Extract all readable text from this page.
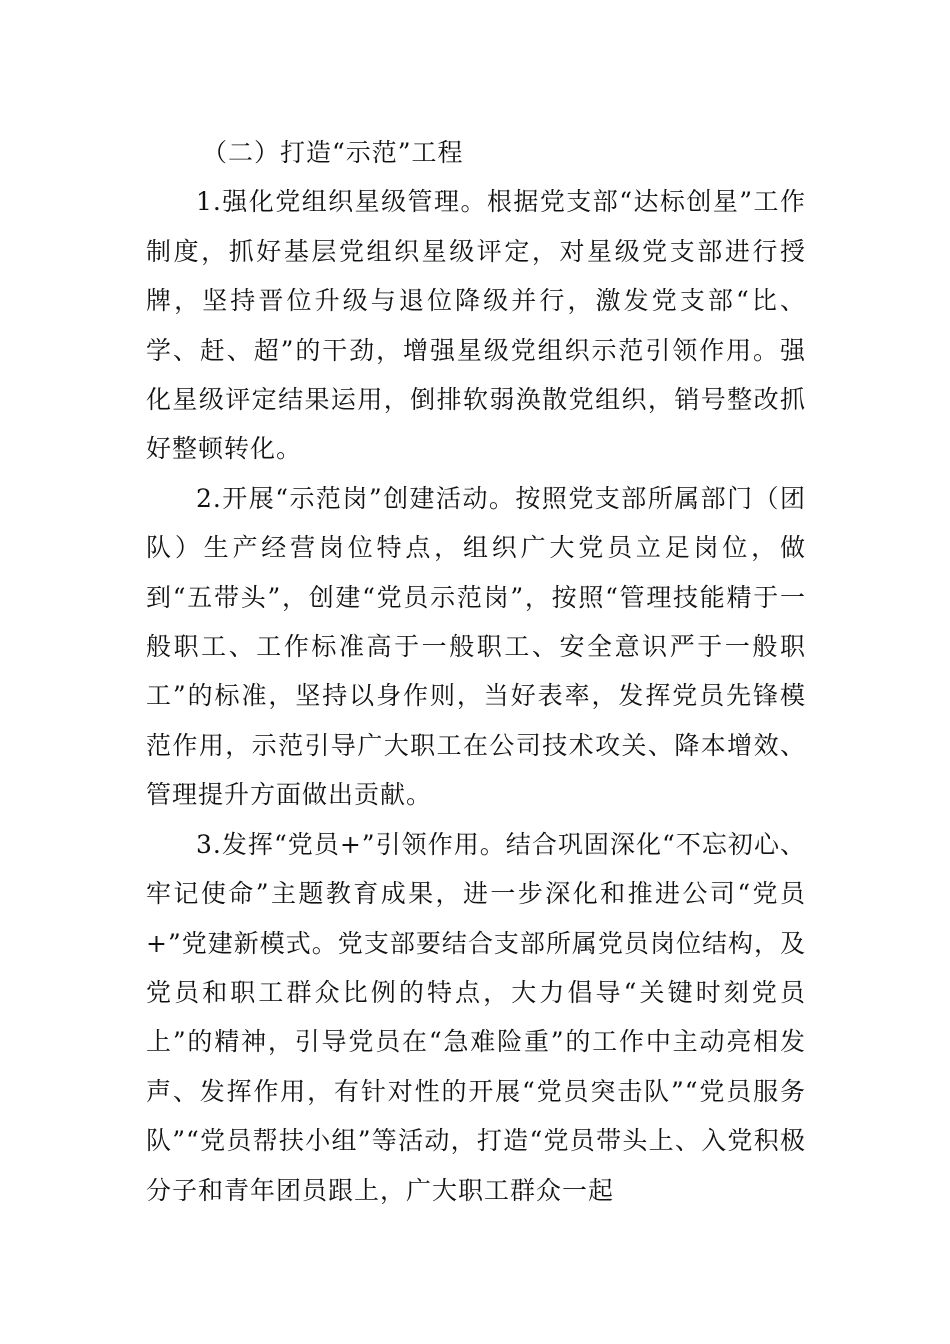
（二）打造“示范”工程

1.强化党组织星级管理。根据党支部“达标创星”工作制度，抓好基层党组织星级评定，对星级党支部进行授牌，坚持晋位升级与退位降级并行，激发党支部“比、学、赶、超”的干劲，增强星级党组织示范引领作用。强化星级评定结果运用，倒排软弱涣散党组织，销号整改抓好整顿转化。

2.开展“示范岗”创建活动。按照党支部所属部门（团队）生产经营岗位特点，组织广大党员立足岗位，做到“五带头”，创建“党员示范岗”，按照“管理技能精于一般职工、工作标准高于一般职工、安全意识严于一般职工”的标准，坚持以身作则，当好表率，发挥党员先锋模范作用，示范引导广大职工在公司技术攻关、降本增效、管理提升方面做出贡献。

3.发挥“党员+”引领作用。结合巩固深化“不忘初心、牢记使命”主题教育成果，进一步深化和推进公司“党员+”党建新模式。党支部要结合支部所属党员岗位结构，及党员和职工群众比例的特点，大力倡导“关键时刻党员上”的精神，引导党员在“急难险重”的工作中主动亮相发声、发挥作用，有针对性的开展“党员突击队”“党员服务队”“党员帮扶小组”等活动，打造“党员带头上、入党积极分子和青年团员跟上，广大职工群众一起
